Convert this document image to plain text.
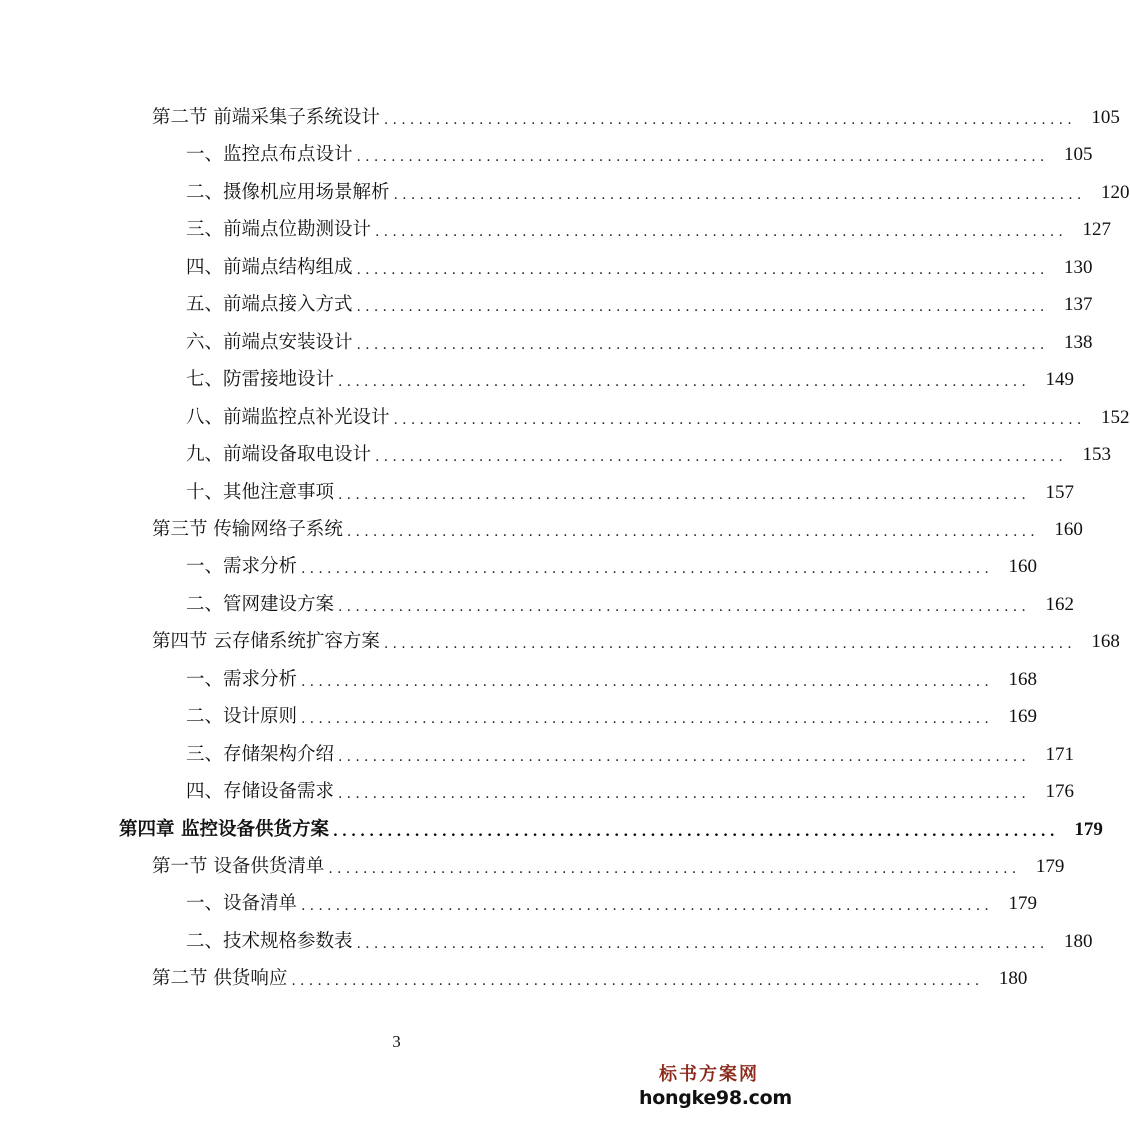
第二节 前端采集子系统设计 ................................................................................ 105
一、监控点布点设计 ................................................................................ 105
二、摄像机应用场景解析 ................................................................................ 120
三、前端点位勘测设计 ................................................................................ 127
四、前端点结构组成 ................................................................................ 130
五、前端点接入方式 ................................................................................ 137
六、前端点安装设计 ................................................................................ 138
七、防雷接地设计 ................................................................................ 149
八、前端监控点补光设计 ................................................................................ 152
九、前端设备取电设计 ................................................................................ 153
十、其他注意事项 ................................................................................ 157
第三节 传输网络子系统 ................................................................................ 160
一、需求分析 ................................................................................ 160
二、管网建设方案 ................................................................................ 162
第四节 云存储系统扩容方案 ................................................................................ 168
一、需求分析 ................................................................................ 168
二、设计原则 ................................................................................ 169
三、存储架构介绍 ................................................................................ 171
四、存储设备需求 ................................................................................ 176
第四章 监控设备供货方案 ................................................................................ 179
第一节 设备供货清单 ................................................................................ 179
一、设备清单 ................................................................................ 179
二、技术规格参数表 ................................................................................ 180
第二节 供货响应 ................................................................................ 180
3
标书方案网
hongke98.com
